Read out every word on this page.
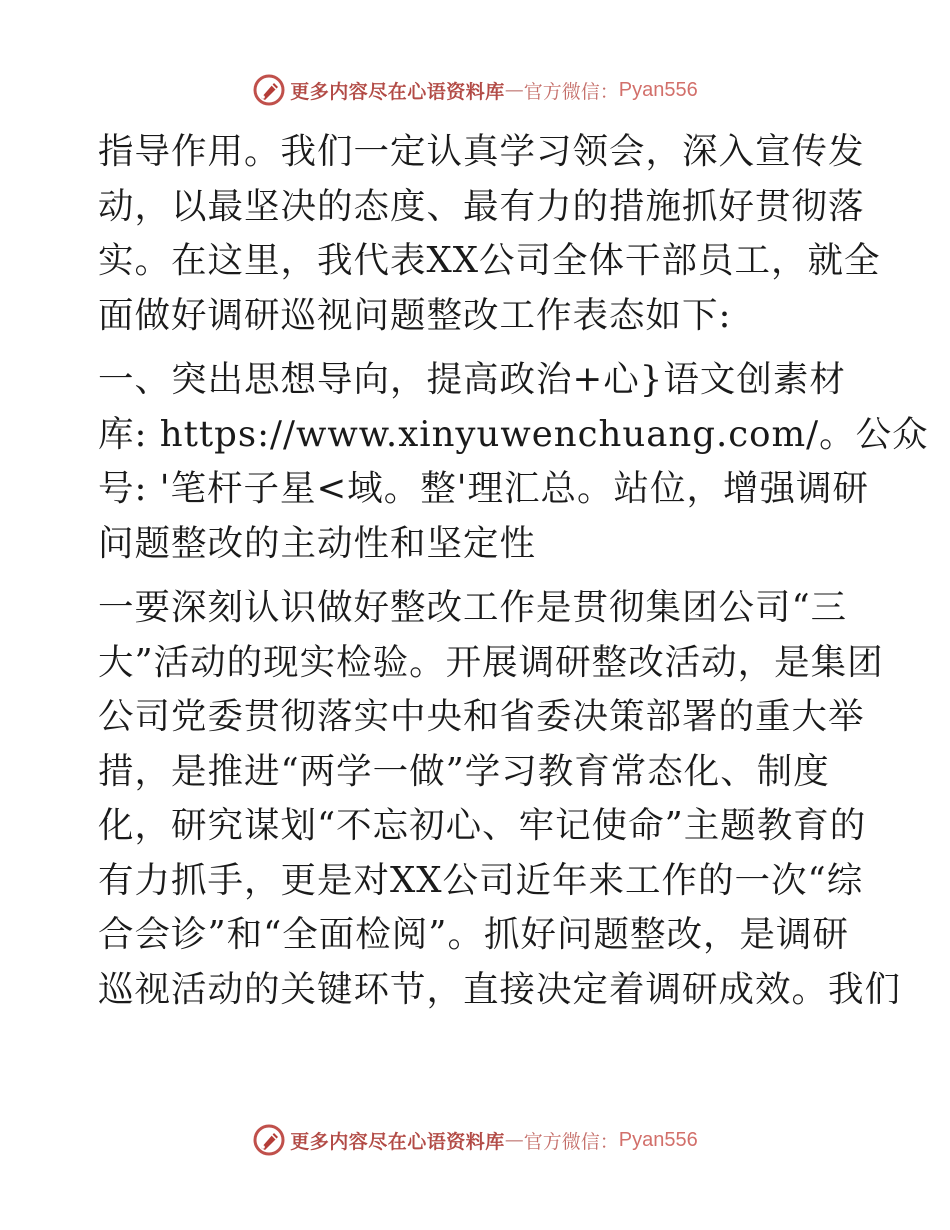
更多内容尽在心语资料库 — 官方微信： Pyan556
指导作用。我们一定认真学习领会，深入宣传发
动，以最坚决的态度、最有力的措施抓好贯彻落
实。在这里，我代表XX公司全体干部员工，就全
面做好调研巡视问题整改工作表态如下:
一、突出思想导向，提高政治+心}语文创素材
库: https://www.xinyuwenchuang.com/。公众
号: '笔杆子星<域。整'理汇总。站位，增强调研
问题整改的主动性和坚定性
一要深刻认识做好整改工作是贯彻集团公司“三
大”活动的现实检验。开展调研整改活动，是集团
公司党委贯彻落实中央和省委决策部署的重大举
措，是推进“两学一做”学习教育常态化、制度
化，研究谋划“不忘初心、牢记使命”主题教育的
有力抓手，更是对XX公司近年来工作的一次“综
合会诊”和“全面检阅”。抓好问题整改，是调研
巡视活动的关键环节，直接决定着调研成效。我们
更多内容尽在心语资料库 — 官方微信： Pyan556
